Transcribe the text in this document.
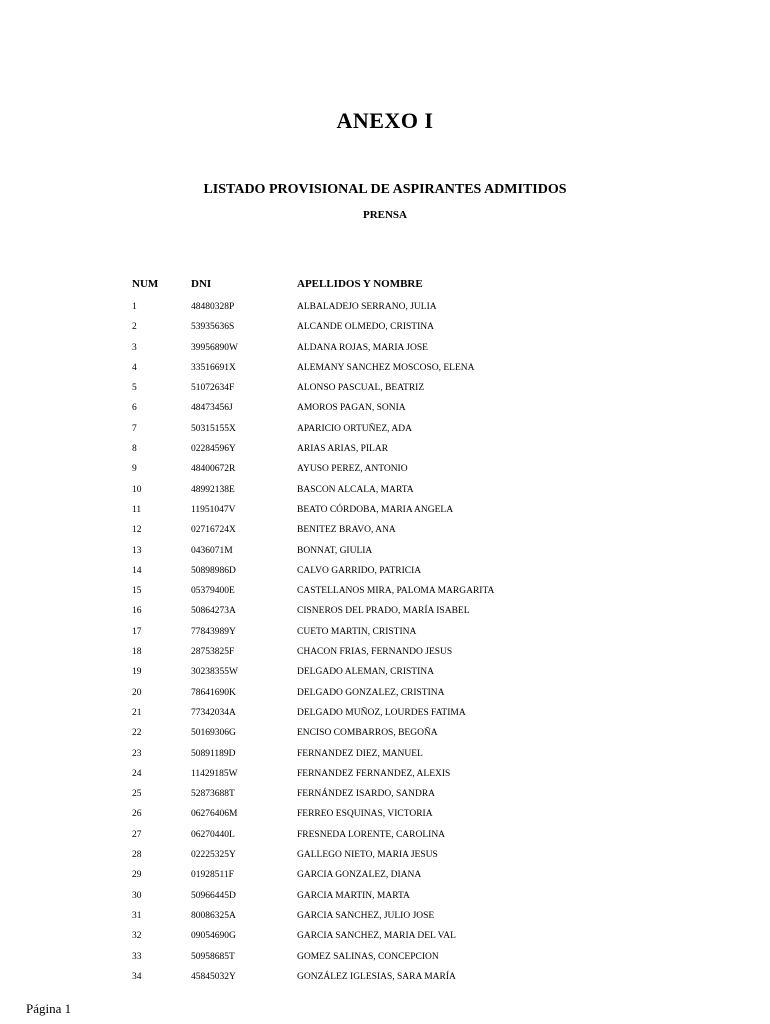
ANEXO I
LISTADO PROVISIONAL DE ASPIRANTES ADMITIDOS
PRENSA
NUM	DNI	APELLIDOS Y NOMBRE
1	48480328P	ALBALADEJO SERRANO, JULIA
2	53935636S	ALCANDE OLMEDO, CRISTINA
3	39956890W	ALDANA ROJAS, MARIA JOSE
4	33516691X	ALEMANY SANCHEZ MOSCOSO, ELENA
5	51072634F	ALONSO PASCUAL, BEATRIZ
6	48473456J	AMOROS PAGAN, SONIA
7	50315155X	APARICIO ORTUÑEZ, ADA
8	02284596Y	ARIAS ARIAS, PILAR
9	48400672R	AYUSO PEREZ, ANTONIO
10	48992138E	BASCON ALCALA, MARTA
11	11951047V	BEATO CÓRDOBA, MARIA ANGELA
12	02716724X	BENITEZ BRAVO, ANA
13	0436071M	BONNAT, GIULIA
14	50898986D	CALVO GARRIDO, PATRICIA
15	05379400E	CASTELLANOS MIRA, PALOMA MARGARITA
16	50864273A	CISNEROS DEL PRADO, MARÍA ISABEL
17	77843989Y	CUETO MARTIN, CRISTINA
18	28753825F	CHACON FRIAS, FERNANDO JESUS
19	30238355W	DELGADO ALEMAN, CRISTINA
20	78641690K	DELGADO GONZALEZ, CRISTINA
21	77342034A	DELGADO MUÑOZ, LOURDES FATIMA
22	50169306G	ENCISO COMBARROS, BEGOÑA
23	50891189D	FERNANDEZ DIEZ, MANUEL
24	11429185W	FERNANDEZ FERNANDEZ, ALEXIS
25	52873688T	FERNÁNDEZ ISARDO, SANDRA
26	06276406M	FERREO ESQUINAS, VICTORIA
27	06270440L	FRESNEDA LORENTE, CAROLINA
28	02225325Y	GALLEGO NIETO, MARIA JESUS
29	01928511F	GARCIA GONZALEZ, DIANA
30	50966445D	GARCIA MARTIN, MARTA
31	80086325A	GARCIA SANCHEZ, JULIO JOSE
32	09054690G	GARCIA SANCHEZ, MARIA DEL VAL
33	50958685T	GOMEZ SALINAS, CONCEPCION
34	45845032Y	GONZÁLEZ IGLESIAS, SARA MARÍA
Página 1
